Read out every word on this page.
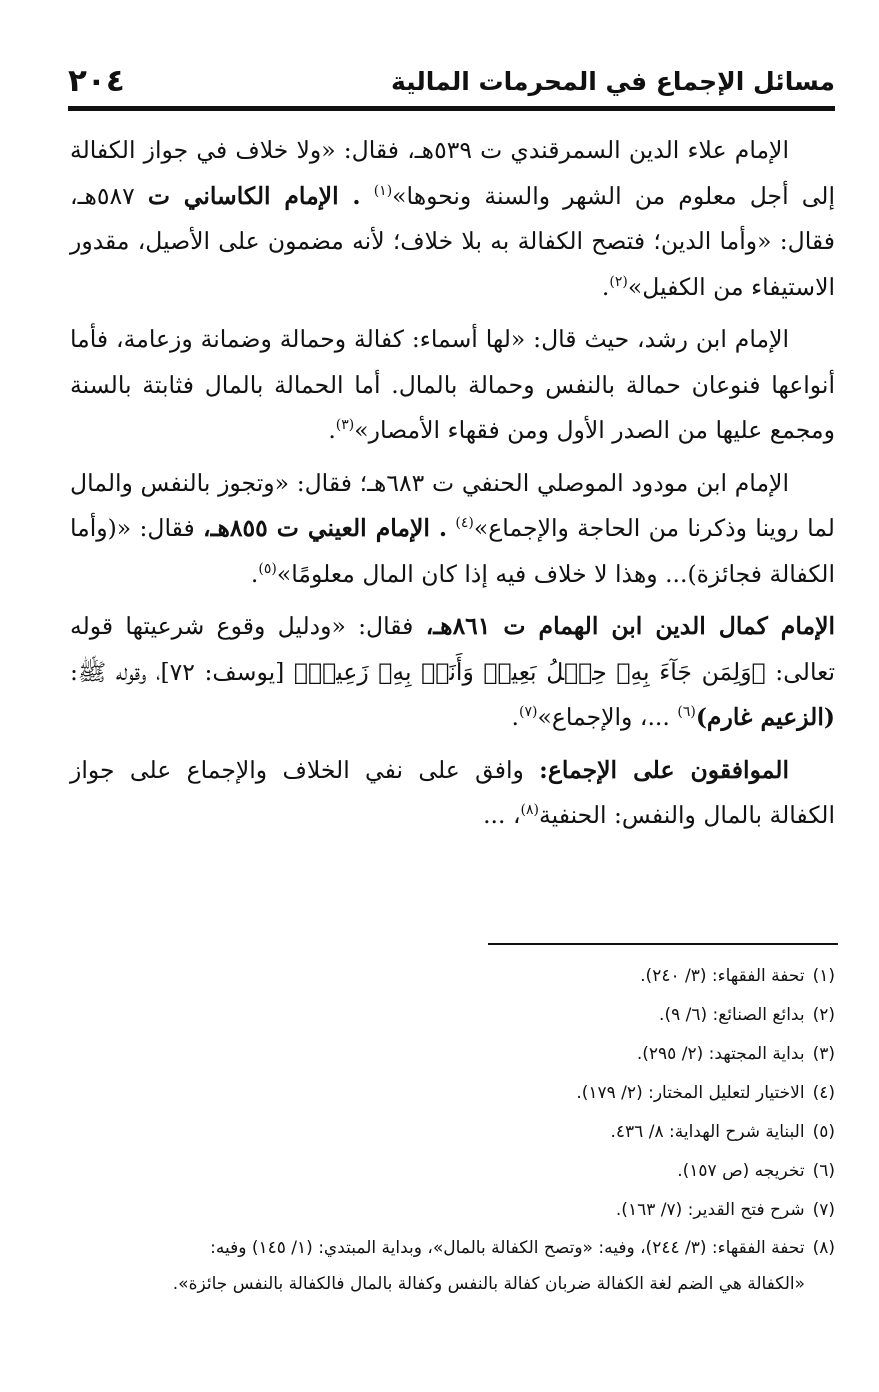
مسائل الإجماع في المحرمات المالية
٢٠٤
الإمام علاء الدين السمرقندي ت ٥٣٩هـ، فقال: «ولا خلاف في جواز الكفالة إلى أجل معلوم من الشهر والسنة ونحوها»$^{(١)}$ . الإمام الكاساني ت ٥٨٧هـ، فقال: «وأما الدين؛ فتصح الكفالة به بلا خلاف؛ لأنه مضمون على الأصيل، مقدور الاستيفاء من الكفيل»$^{(٢)}$.
الإمام ابن رشد، حيث قال: «لها أسماء: كفالة وحمالة وضمانة وزعامة، فأما أنواعها فنوعان حمالة بالنفس وحمالة بالمال. أما الحمالة بالمال فثابتة بالسنة ومجمع عليها من الصدر الأول ومن فقهاء الأمصار»$^{(٣)}$.
الإمام ابن مودود الموصلي الحنفي ت ٦٨٣هـ؛ فقال: «وتجوز بالنفس والمال لما روينا وذكرنا من الحاجة والإجماع»$^{(٤)}$ . الإمام العيني ت ٨٥٥هـ، فقال: «(وأما الكفالة فجائزة)... وهذا لا خلاف فيه إذا كان المال معلومًا»$^{(٥)}$.
الإمام كمال الدين ابن الهمام ت ٨٦١هـ، فقال: «ودليل وقوع شرعيتها قوله تعالى: ﴿وَلِمَن جَآءَ بِهِۦ حِمۡلُ بَعِيرٖ وَأَنَا۠ بِهِۦ زَعِيمٞ﴾ [يوسف: ٧٢]، وقوله ﷺ: (الزعيم غارم)$^{(٦)}$ ...، والإجماع»$^{(٧)}$.
الموافقون على الإجماع: وافق على نفي الخلاف والإجماع على جواز الكفالة بالمال والنفس: الحنفية$^{(٨)}$، ...

(١)تحفة الفقهاء: (٣/ ٢٤٠).

(٢)بدائع الصنائع: (٦/ ٩).

(٣)بداية المجتهد: (٢/ ٢٩٥).

(٤)الاختيار لتعليل المختار: (٢/ ١٧٩).

(٥)البناية شرح الهداية: ٨/ ٤٣٦.

(٦)تخريجه (ص ١٥٧).

(٧)شرح فتح القدير: (٧/ ١٦٣).

(٨)تحفة الفقهاء: (٣/ ٢٤٤)، وفيه: «وتصح الكفالة بالمال»، وبداية المبتدي: (١/ ١٤٥) وفيه:

«الكفالة هي الضم لغة الكفالة ضربان كفالة بالنفس وكفالة بالمال فالكفالة بالنفس جائزة».
